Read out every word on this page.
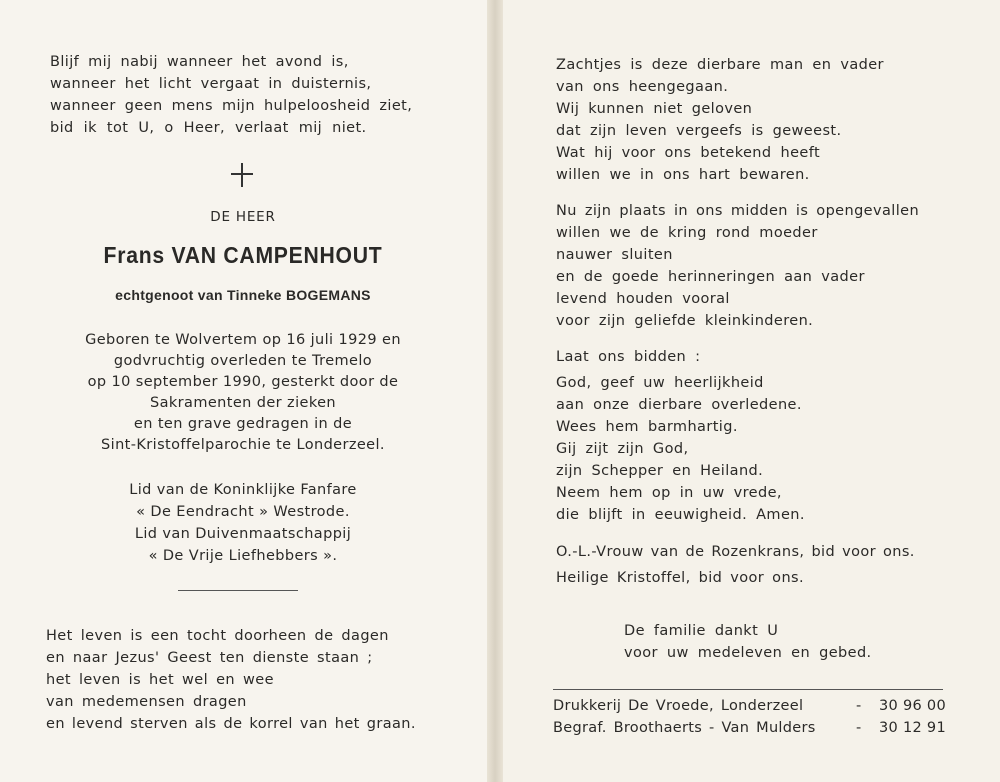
Blijf mij nabij wanneer het avond is,
wanneer het licht vergaat in duisternis,
wanneer geen mens mijn hulpeloosheid ziet,
bid ik tot U, o Heer, verlaat mij niet.
DE HEER
Frans VAN CAMPENHOUT
echtgenoot van Tinneke BOGEMANS
Geboren te Wolvertem op 16 juli 1929 en
godvruchtig overleden te Tremelo
op 10 september 1990, gesterkt door de
Sakramenten der zieken
en ten grave gedragen in de
Sint-Kristoffelparochie te Londerzeel.
Lid van de Koninklijke Fanfare
« De Eendracht » Westrode.
Lid van Duivenmaatschappij
« De Vrije Liefhebbers ».
Het leven is een tocht doorheen de dagen
en naar Jezus' Geest ten dienste staan ;
het leven is het wel en wee
van medemensen dragen
en levend sterven als de korrel van het graan.
Zachtjes is deze dierbare man en vader
van ons heengegaan.
Wij kunnen niet geloven
dat zijn leven vergeefs is geweest.
Wat hij voor ons betekend heeft
willen we in ons hart bewaren.
Nu zijn plaats in ons midden is opengevallen
willen we de kring rond moeder
nauwer sluiten
en de goede herinneringen aan vader
levend houden vooral
voor zijn geliefde kleinkinderen.
Laat ons bidden :
God, geef uw heerlijkheid
aan onze dierbare overledene.
Wees hem barmhartig.
Gij zijt zijn God,
zijn Schepper en Heiland.
Neem hem op in uw vrede,
die blijft in eeuwigheid. Amen.
O.-L.-Vrouw van de Rozenkrans, bid voor ons.
Heilige Kristoffel, bid voor ons.
De familie dankt U
voor uw medeleven en gebed.
Drukkerij De Vroede, Londerzeel	- 30 96 00
Begraf. Broothaerts - Van Mulders	- 30 12 91
